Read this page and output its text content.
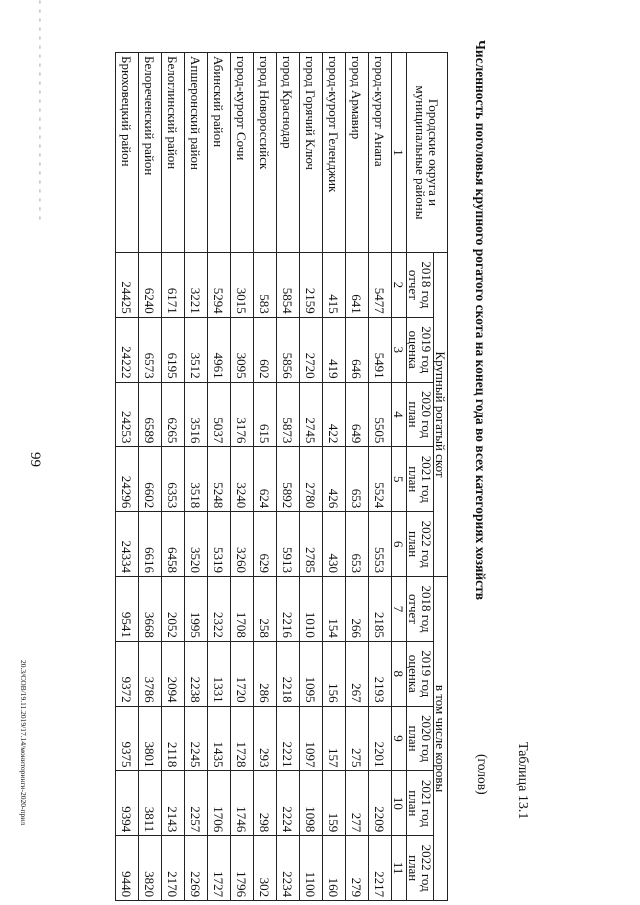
- - - - - - - - - - - - - - - - - - - - - - - - -
99
Таблица 13.1
Численность поголовья крупного рогатого скота на конец года во всех категориях хозяйств
(голов)
Городские округа и муниципальные районы	Крупный рогатый скот					в том числе коровы				
	2018 год отчет	2019 год оценка	2020 год план	2021 год план	2022 год план	2018 год отчет	2019 год оценка	2020 год план	2021 год план	2022 год план
1	2	3	4	5	6	7	8	9	10	11
город-курорт Анапа	5477	5491	5505	5524	5553	2185	2193	2201	2209	2217
город Армавир	641	646	649	653	653	266	267	275	277	279
город-курорт Геленджик	415	419	422	426	430	154	156	157	159	160
город Горячий Ключ	2159	2720	2745	2780	2785	1010	1095	1097	1098	1100
город Краснодар	5854	5856	5873	5892	5913	2216	2218	2221	2224	2234
город Новороссийск	583	602	615	624	629	258	286	293	298	302
город-курорт Сочи	3015	3095	3176	3240	3260	1708	1720	1728	1746	1796
Абинский район	5294	4961	5037	5248	5319	2322	1331	1435	1706	1727
Апшеронский район	3221	3512	3516	3518	3520	1995	2238	2245	2257	2269
Белоглинский район	6171	6195	6265	6353	6458	2052	2094	2118	2143	2170
Белореченский район	6240	6573	6589	6602	6616	3668	3786	3801	3811	3820
Брюховецкий район	24425	24222	24253	24296	24334	9541	9372	9375	9394	9440
20.3/СОВ/19.11.2019/17.14/мониторинги-2020-прил
